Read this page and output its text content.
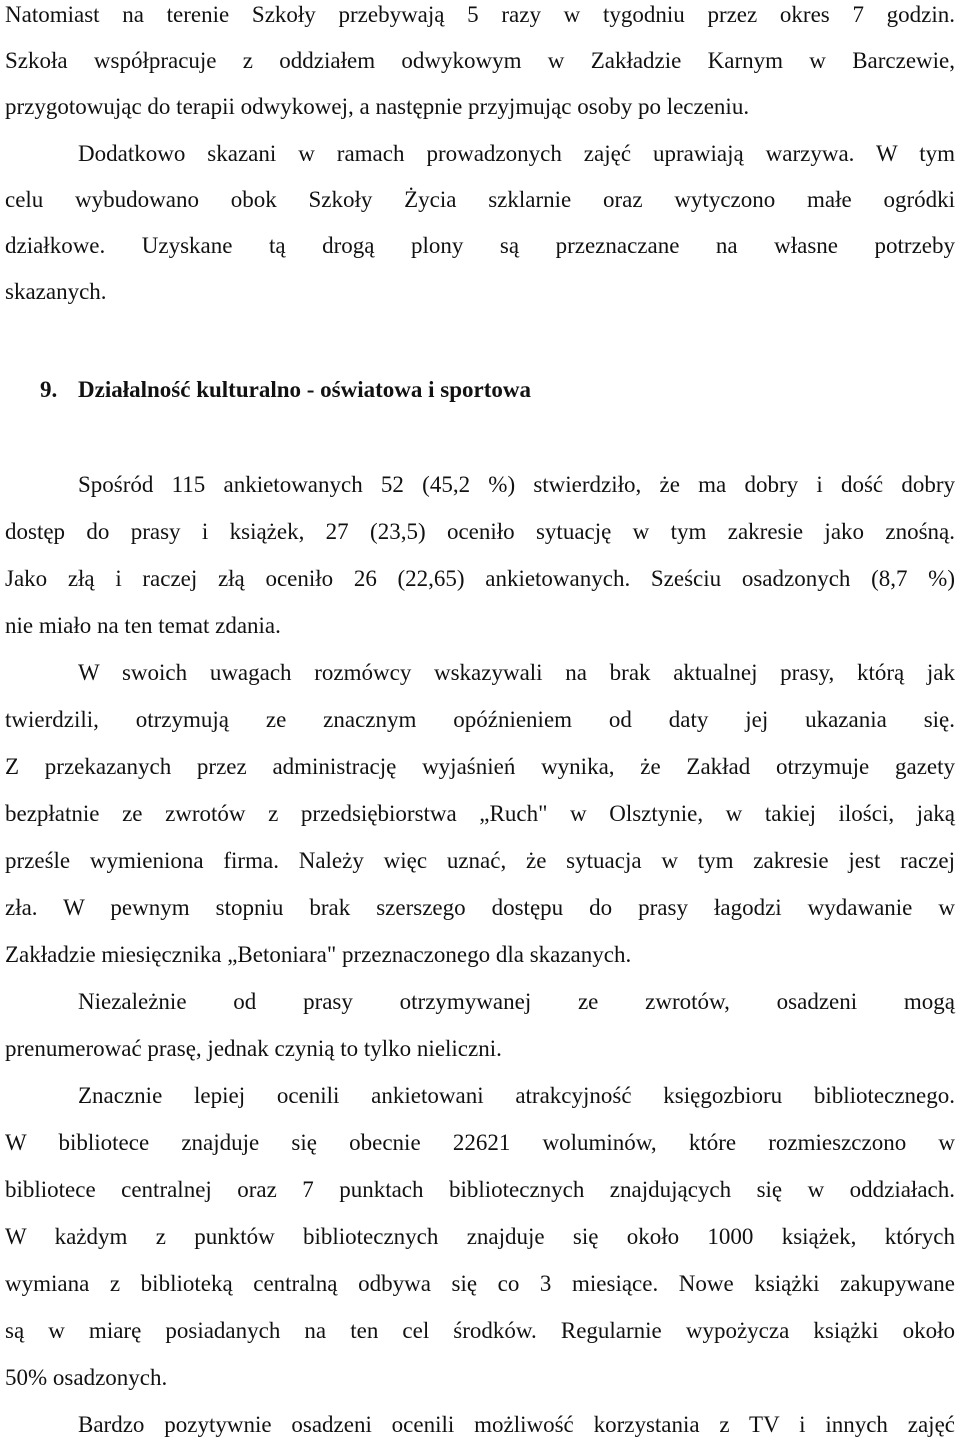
Natomiast na terenie Szkoły przebywają 5 razy w tygodniu przez okres 7 godzin.
Szkoła współpracuje z oddziałem odwykowym w Zakładzie Karnym w Barczewie,
przygotowując do terapii odwykowej, a następnie przyjmując osoby po leczeniu.
Dodatkowo skazani w ramach prowadzonych zajęć uprawiają warzywa. W tym
celu wybudowano obok Szkoły Życia szklarnie oraz wytyczono małe ogródki
działkowe. Uzyskane tą drogą plony są przeznaczane na własne potrzeby
skazanych.
9. Działalność kulturalno - oświatowa i sportowa
Spośród 115 ankietowanych 52 (45,2 %) stwierdziło, że ma dobry i dość dobry
dostęp do prasy i książek, 27 (23,5) oceniło sytuację w tym zakresie jako znośną.
Jako złą i raczej złą oceniło 26 (22,65) ankietowanych. Sześciu osadzonych (8,7 %)
nie miało na ten temat zdania.
W swoich uwagach rozmówcy wskazywali na brak aktualnej prasy, którą jak
twierdzili, otrzymują ze znacznym opóźnieniem od daty jej ukazania się.
Z przekazanych przez administrację wyjaśnień wynika, że Zakład otrzymuje gazety
bezpłatnie ze zwrotów z przedsiębiorstwa „Ruch" w Olsztynie, w takiej ilości, jaką
prześle wymieniona firma. Należy więc uznać, że sytuacja w tym zakresie jest raczej
zła. W pewnym stopniu brak szerszego dostępu do prasy łagodzi wydawanie w
Zakładzie miesięcznika „Betoniara" przeznaczonego dla skazanych.
Niezależnie od prasy otrzymywanej ze zwrotów, osadzeni mogą
prenumerować prasę, jednak czynią to tylko nieliczni.
Znacznie lepiej ocenili ankietowani atrakcyjność księgozbioru bibliotecznego.
W bibliotece znajduje się obecnie 22621 woluminów, które rozmieszczono w
bibliotece centralnej oraz 7 punktach bibliotecznych znajdujących się w oddziałach.
W każdym z punktów bibliotecznych znajduje się około 1000 książek, których
wymiana z biblioteką centralną odbywa się co 3 miesiące. Nowe książki zakupywane
są w miarę posiadanych na ten cel środków. Regularnie wypożycza książki około
50% osadzonych.
Bardzo pozytywnie osadzeni ocenili możliwość korzystania z TV i innych zajęć
